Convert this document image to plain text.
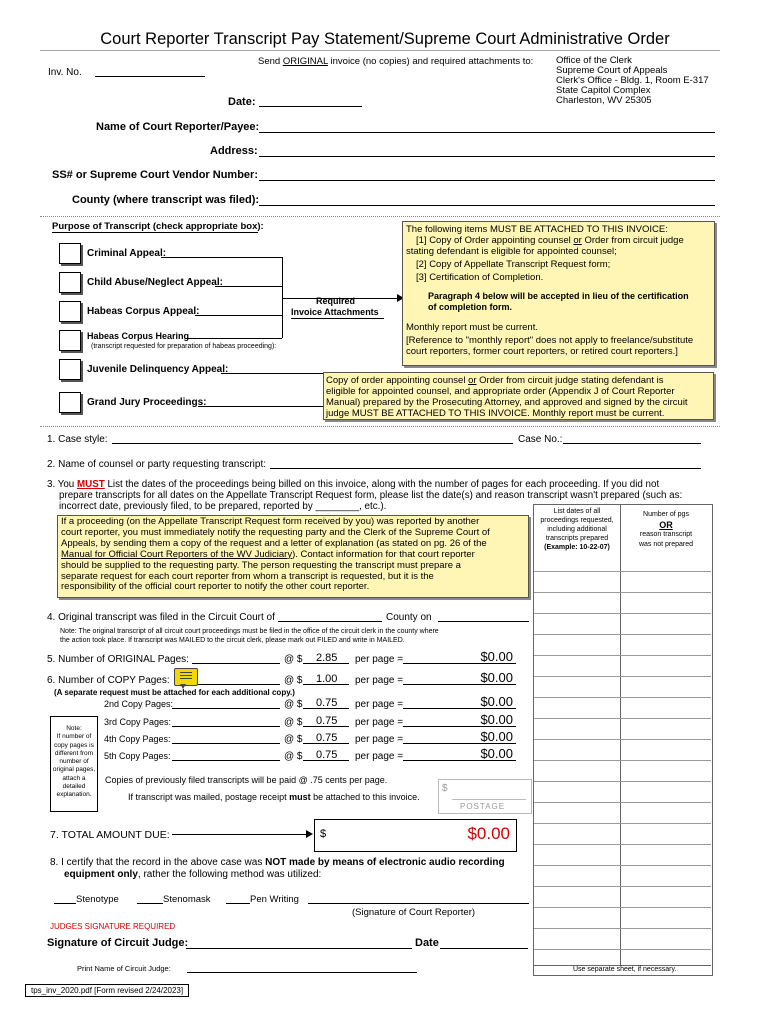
Court Reporter Transcript Pay Statement/Supreme Court Administrative Order
Send ORIGINAL invoice (no copies) and required attachments to: Office of the Clerk
Supreme Court of Appeals
Clerk's Office - Bldg. 1, Room E-317
State Capitol Complex
Charleston, WV 25305
Inv. No.
Date:
Name of Court Reporter/Payee:
Address:
SS# or Supreme Court Vendor Number:
County (where transcript was filed):
Purpose of Transcript (check appropriate box):
Criminal Appeal:
Child Abuse/Neglect Appeal:
Habeas Corpus Appeal:
Habeas Corpus Hearing
(transcript requested for preparation of habeas proceeding):
Juvenile Delinquency Appeal:
Grand Jury Proceedings:
Required
Invoice Attachments
The following items MUST BE ATTACHED TO THIS INVOICE:
[1] Copy of Order appointing counsel or Order from circuit judge
stating defendant is eligible for appointed counsel;
[2] Copy of Appellate Transcript Request form;
[3] Certification of Completion.
Paragraph 4 below will be accepted in lieu of the certification
of completion form.
Monthly report must be current.
[Reference to "monthly report" does not apply to freelance/substitute
court reporters, former court reporters, or retired court reporters.]
Copy of order appointing counsel or Order from circuit judge stating defendant is
eligible for appointed counsel, and appropriate order (Appendix J of Court Reporter
Manual) prepared by the Prosecuting Attorney, and approved and signed by the circuit
judge MUST BE ATTACHED TO THIS INVOICE. Monthly report must be current.
1. Case style:	Case No.:
2. Name of counsel or party requesting transcript:
3. You MUST List the dates of the proceedings being billed on this invoice, along with the number of pages for each proceeding. If you did not
prepare transcripts for all dates on the Appellate Transcript Request form, please list the date(s) and reason transcript wasn't prepared (such as:
incorrect date, previously filed, to be prepared, reported by ________, etc.).
If a proceeding (on the Appellate Transcript Request form received by you) was reported by another
court reporter, you must immediately notify the requesting party and the Clerk of the Supreme Court of
Appeals, by sending them a copy of the request and a letter of explanation (as stated on pg. 26 of the
Manual for Official Court Reporters of the WV Judiciary). Contact information for that court reporter
should be supplied to the requesting party. The person requesting the transcript must prepare a
separate request for each court reporter from whom a transcript is requested, but it is the
responsibility of the official court reporter to notify the other court reporter.
List dates of all
proceedings requested,
including additional
transcripts prepared
(Example: 10-22-07)
Number of pgs
OR
reason transcript
was not prepared
Use separate sheet, if necessary.
4. Original transcript was filed in the Circuit Court of	County on
Note: The original transcript of all circuit court proceedings must be filed in the office of the circuit clerk in the county where
the action took place. If transcript was MAILED to the circuit clerk, please mark out FILED and write in MAILED.
5. Number of ORIGINAL Pages:	@ $ 2.85 per page =	$0.00
6. Number of COPY Pages:	@ $ 1.00 per page =	$0.00
(A separate request must be attached for each additional copy.)
Note:
If number of
copy pages is
different from
number of
original pages,
attach a
detailed
explanation.
2nd Copy Pages:	@ $ 0.75 per page =	$0.00
3rd Copy Pages:	@ $ 0.75 per page =	$0.00
4th Copy Pages:	@ $ 0.75 per page =	$0.00
5th Copy Pages:	@ $ 0.75 per page =	$0.00
Copies of previously filed transcripts will be paid @ .75 cents per page.
If transcript was mailed, postage receipt must be attached to this invoice.
$
POSTAGE
7. TOTAL AMOUNT DUE:	$	$0.00
8. I certify that the record in the above case was NOT made by means of electronic audio recording
equipment only, rather the following method was utilized:
Stenotype	Stenomask	Pen Writing
(Signature of Court Reporter)
JUDGES SIGNATURE REQUIRED
Signature of Circuit Judge:	Date
Print Name of Circuit Judge:
tps_inv_2020.pdf [Form revised 2/24/2023]
